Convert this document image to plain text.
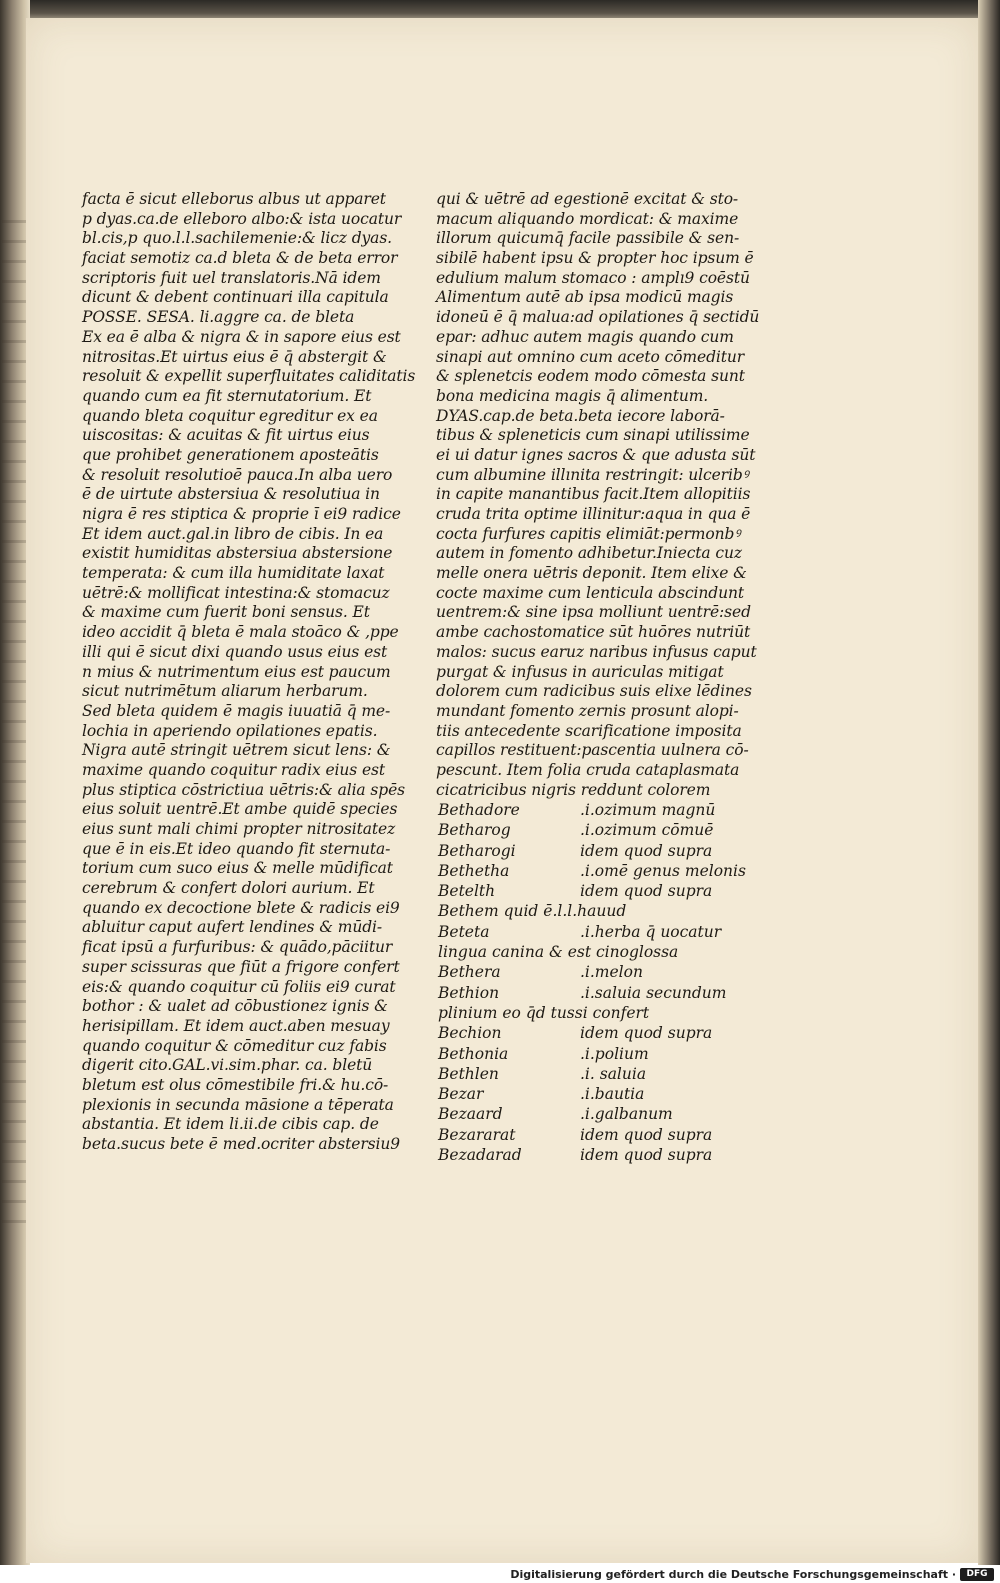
facta ē sicut elleborus albus ut apparet
p dyas.ca.de elleboro albo:& ista uocatur
bl.cis,p quo.l.l.sachilemenie:& licz dyas.
faciat semotiz ca.d bleta & de beta error
scriptoris fuit uel translatoris.Nā idem
dicunt & debent continuari illa capitula
POSSE. SESA. li.aggre ca. de bleta
Ex ea ē alba & nigra & in sapore eius est
nitrositas.Et uirtus eius ē q̄ abstergit &
resoluit & expellit superfluitates caliditatis
quando cum ea fit sternutatorium. Et
quando bleta coquitur egreditur ex ea
uiscositas: & acuitas & fit uirtus eius
que prohibet generationem aposteātis
& resoluit resolutioē pauca.In alba uero
ē de uirtute abstersiua & resolutiua in
nigra ē res stiptica & proprie ī ei9 radice
Et idem auct.gal.in libro de cibis. In ea
existit humiditas abstersiua abstersione
temperata: & cum illa humiditate laxat
uētrē:& mollificat intestina:& stomacuz
& maxime cum fuerit boni sensus. Et
ideo accidit q̄ bleta ē mala stoāco & ,ppe
illi qui ē sicut dixi quando usus eius est
n mius & nutrimentum eius est paucum
sicut nutrimētum aliarum herbarum.
Sed bleta quidem ē magis iuuatiā q̄ me-
lochia in aperiendo opilationes epatis.
Nigra autē stringit uētrem sicut lens: &
maxime quando coquitur radix eius est
plus stiptica cōstrictiua uētris:& alia spēs
eius soluit uentrē.Et ambe quidē species
eius sunt mali chimi propter nitrositatez
que ē in eis.Et ideo quando fit sternuta-
torium cum suco eius & melle mūdificat
cerebrum & confert dolori aurium. Et
quando ex decoctione blete & radicis ei9
abluitur caput aufert lendines & mūdi-
ficat ipsū a furfuribus: & quādo,pāciitur
super scissuras que fiūt a frigore confert
eis:& quando coquitur cū foliis ei9 curat
bothor : & ualet ad cōbustionez ignis &
herisipillam. Et idem auct.aben mesuay
quando coquitur & cōmeditur cuz fabis
digerit cito.GAL.vi.sim.phar. ca. bletū
bletum est olus cōmestibile fri.& hu.cō-
plexionis in secunda māsione a tēperata
abstantia. Et idem li.ii.de cibis cap. de
beta.sucus bete ē med.ocriter abstersiu9
qui & uētrē ad egestionē excitat & sto-
macum aliquando mordicat: & maxime
illorum quicumq̄ facile passibile & sen-
sibilē habent ipsu & propter hoc ipsum ē
edulium malum stomaco : amplı9 coēstū
Alimentum autē ab ipsa modicū magis
idoneū ē q̄ malua:ad opilationes q̄ sectidū
epar: adhuc autem magis quando cum
sinapi aut omnino cum aceto cōmeditur
& splenetcis eodem modo cōmesta sunt
bona medicina magis q̄ alimentum.
DYAS.cap.de beta.beta iecore laborā-
tibus & spleneticis cum sinapi utilissime
ei ui datur ignes sacros & que adusta sūt
cum albumine illınita restringit: ulceribꝰ
in capite manantibus facit.Item allopitiis
cruda trita optime illinitur:aqua in qua ē
cocta furfures capitis elimiāt:permonbꝰ
autem in fomento adhibetur.Iniecta cuz
melle onera uētris deponit. Item elixe &
cocte maxime cum lenticula abscindunt
uentrem:& sine ipsa molliunt uentrē:sed
ambe cachostomatice sūt huōres nutriūt
malos: sucus earuz naribus infusus caput
purgat & infusus in auriculas mitigat
dolorem cum radicibus suis elixe lēdines
mundant fomento zernis prosunt alopi-
tiis antecedente scarificatione imposita
capillos restituent:pascentia uulnera cō-
pescunt. Item folia cruda cataplasmata
cicatricibus nigris reddunt colorem
Bethadore	.i.ozimum magnū
Betharog	.i.ozimum cōmuē
Betharogi	idem quod supra
Bethetha	.i.omē genus melonis
Betelth	idem quod supra
Bethem quid ē.l.l.hauud
Beteta	.i.herba q̄ uocatur
lingua canina & est cinoglossa
Bethera	.i.melon
Bethion	.i.saluia secundum
plinium eo q̄d tussi confert
Bechion	idem quod supra
Bethonia	.i.polium
Bethlen	.i. saluia
Bezar	.i.bautia
Bezaard	.i.galbanum
Bezararat	idem quod supra
Bezadarad	idem quod supra
Digitalisierung gefördert durch die Deutsche Forschungsgemeinschaft ·	DFG
